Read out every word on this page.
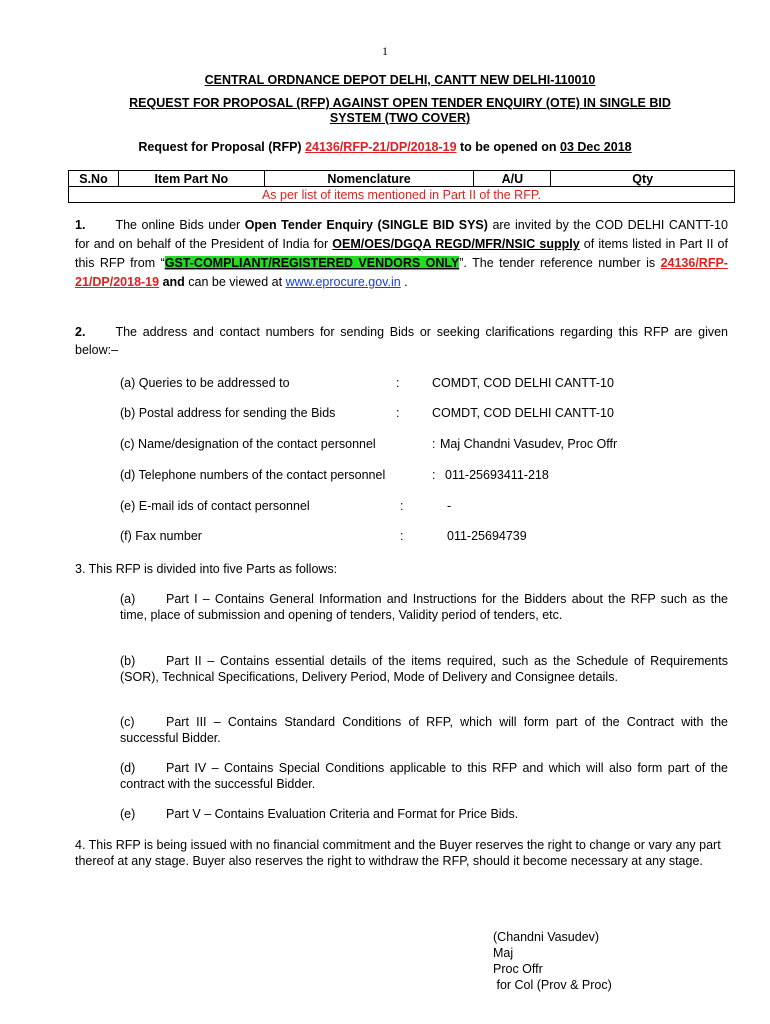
1
CENTRAL ORDNANCE DEPOT DELHI, CANTT NEW DELHI-110010
REQUEST FOR PROPOSAL (RFP) AGAINST OPEN TENDER ENQUIRY (OTE) IN SINGLE BID
SYSTEM (TWO COVER)
Request for Proposal (RFP) 24136/RFP-21/DP/2018-19 to be opened on 03 Dec 2018
S.No	Item Part No	Nomenclature	A/U	Qty
As per list of items mentioned in Part II of the RFP.
1. The online Bids under Open Tender Enquiry (SINGLE BID SYS) are invited by the COD DELHI CANTT-10 for and on behalf of the President of India for OEM/OES/DGQA REGD/MFR/NSIC supply of items listed in Part II of this RFP from “GST-COMPLIANT/REGISTERED VENDORS ONLY”. The tender reference number is 24136/RFP-21/DP/2018-19 and can be viewed at www.eprocure.gov.in .
2. The address and contact numbers for sending Bids or seeking clarifications regarding this RFP are given below:–
(a) Queries to be addressed to	:	COMDT, COD DELHI CANTT-10
(b) Postal address for sending the Bids	:	COMDT, COD DELHI CANTT-10
(c) Name/designation of the contact personnel	: Maj Chandni Vasudev, Proc Offr
(d) Telephone numbers of the contact personnel	: 011-25693411-218
(e) E-mail ids of contact personnel	:	-
(f) Fax number	:	011-25694739
3. This RFP is divided into five Parts as follows:
(a) Part I – Contains General Information and Instructions for the Bidders about the RFP such as the time, place of submission and opening of tenders, Validity period of tenders, etc.
(b) Part II – Contains essential details of the items required, such as the Schedule of Requirements (SOR), Technical Specifications, Delivery Period, Mode of Delivery and Consignee details.
(c)	Part III – Contains Standard Conditions of RFP, which will form part of the Contract with the successful Bidder.
(d) Part IV – Contains Special Conditions applicable to this RFP and which will also form part of the contract with the successful Bidder.
(e) Part V – Contains Evaluation Criteria and Format for Price Bids.
4. This RFP is being issued with no financial commitment and the Buyer reserves the right to change or vary any part thereof at any stage. Buyer also reserves the right to withdraw the RFP, should it become necessary at any stage.
(Chandni Vasudev)
Maj
Proc Offr
for Col (Prov & Proc)
